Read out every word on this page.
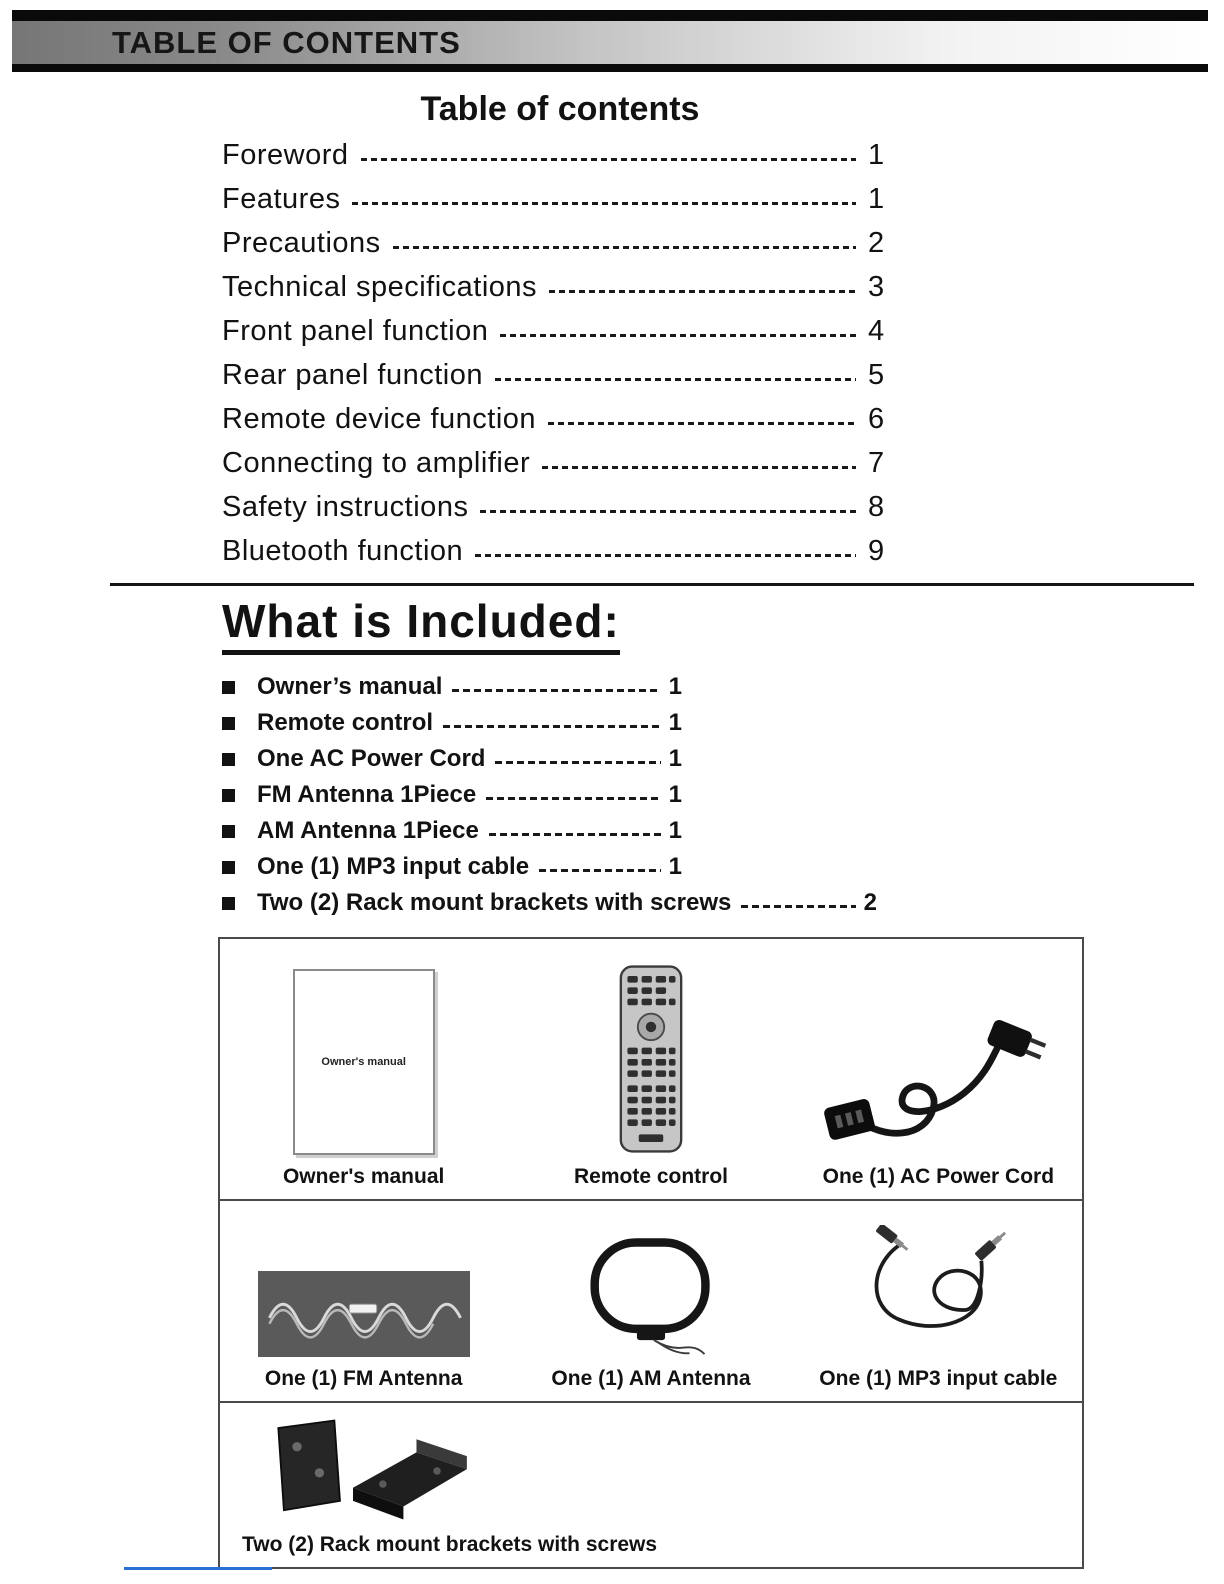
TABLE OF CONTENTS
Table of contents
Foreword	1
Features	1
Precautions	2
Technical specifications	3
Front panel function	4
Rear panel function	5
Remote device function	6
Connecting to amplifier	7
Safety instructions	8
Bluetooth function	9
What is Included:
Owner’s manual	1
Remote control	1
One AC Power Cord	1
FM Antenna 1Piece	1
AM Antenna 1Piece	1
One (1) MP3 input cable	1
Two (2) Rack mount brackets with screws	2
Owner's manual
Owner's manual	Remote control	One (1) AC Power Cord
One (1) FM Antenna	One (1) AM Antenna	One (1) MP3 input cable
Two (2) Rack mount brackets with screws
